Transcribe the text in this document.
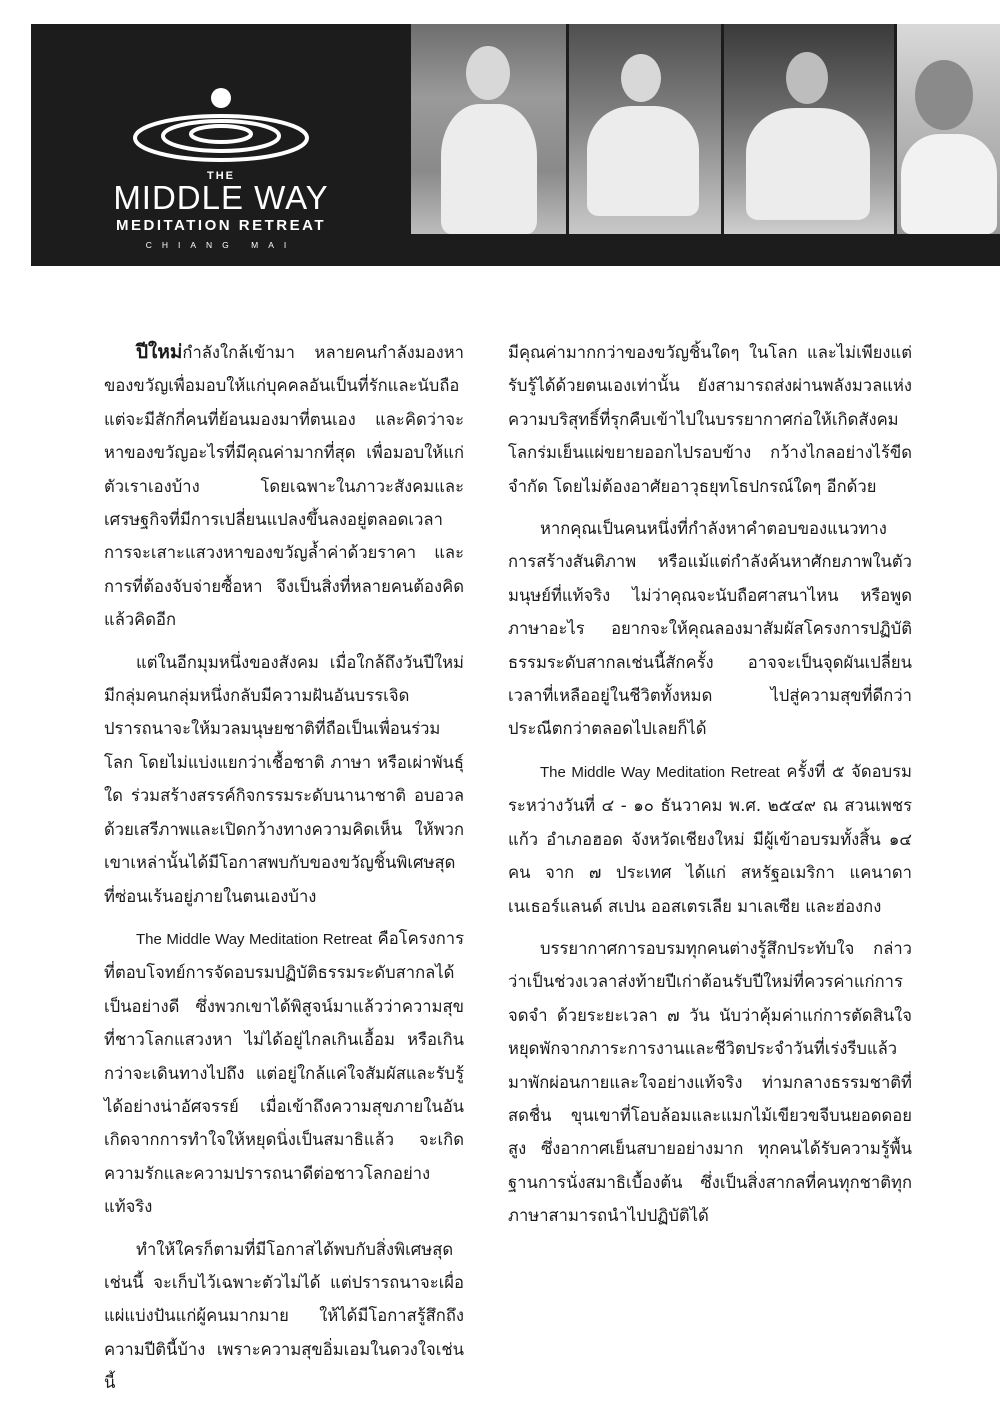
THE
MIDDLE WAY
MEDITATION RETREAT
CHIANG MAI

ปีใหม่กำลังใกล้เข้ามา หลายคนกำลังมองหาของขวัญเพื่อมอบให้แก่บุคคลอันเป็นที่รักและนับถือ แต่จะมีสักกี่คนที่ย้อนมองมาที่ตนเอง และคิดว่าจะหาของขวัญอะไรที่มีคุณค่ามากที่สุด เพื่อมอบให้แก่ตัวเราเองบ้าง โดยเฉพาะในภาวะสังคมและเศรษฐกิจที่มีการเปลี่ยนแปลงขึ้นลงอยู่ตลอดเวลา การจะเสาะแสวงหาของขวัญล้ำค่าด้วยราคา และการที่ต้องจับจ่ายซื้อหา จึงเป็นสิ่งที่หลายคนต้องคิดแล้วคิดอีก

แต่ในอีกมุมหนึ่งของสังคม เมื่อใกล้ถึงวันปีใหม่ มีกลุ่มคนกลุ่มหนึ่งกลับมีความฝันอันบรรเจิด ปรารถนาจะให้มวลมนุษยชาติที่ถือเป็นเพื่อนร่วมโลก โดยไม่แบ่งแยกว่าเชื้อชาติ ภาษา หรือเผ่าพันธุ์ใด ร่วมสร้างสรรค์กิจกรรมระดับนานาชาติ อบอวลด้วยเสรีภาพและเปิดกว้างทางความคิดเห็น ให้พวกเขาเหล่านั้นได้มีโอกาสพบกับของขวัญชิ้นพิเศษสุดที่ซ่อนเร้นอยู่ภายในตนเองบ้าง

The Middle Way Meditation Retreat คือโครงการที่ตอบโจทย์การจัดอบรมปฏิบัติธรรมระดับสากลได้เป็นอย่างดี ซึ่งพวกเขาได้พิสูจน์มาแล้วว่าความสุขที่ชาวโลกแสวงหา ไม่ได้อยู่ไกลเกินเอื้อม หรือเกินกว่าจะเดินทางไปถึง แต่อยู่ใกล้แค่ใจสัมผัสและรับรู้ได้อย่างน่าอัศจรรย์ เมื่อเข้าถึงความสุขภายในอันเกิดจากการทำใจให้หยุดนิ่งเป็นสมาธิแล้ว จะเกิดความรักและความปรารถนาดีต่อชาวโลกอย่างแท้จริง

ทำให้ใครก็ตามที่มีโอกาสได้พบกับสิ่งพิเศษสุดเช่นนี้ จะเก็บไว้เฉพาะตัวไม่ได้ แต่ปรารถนาจะเผื่อแผ่แบ่งปันแก่ผู้คนมากมาย ให้ได้มีโอกาสรู้สึกถึงความปีตินี้บ้าง เพราะความสุขอิ่มเอมในดวงใจเช่นนี้

มีคุณค่ามากกว่าของขวัญชิ้นใดๆ ในโลก และไม่เพียงแต่รับรู้ได้ด้วยตนเองเท่านั้น ยังสามารถส่งผ่านพลังมวลแห่งความบริสุทธิ์ที่รุกคืบเข้าไปในบรรยากาศก่อให้เกิดสังคมโลกร่มเย็นแผ่ขยายออกไปรอบข้าง กว้างไกลอย่างไร้ขีดจำกัด โดยไม่ต้องอาศัยอาวุธยุทโธปกรณ์ใดๆ อีกด้วย

หากคุณเป็นคนหนึ่งที่กำลังหาคำตอบของแนวทางการสร้างสันติภาพ หรือแม้แต่กำลังค้นหาศักยภาพในตัวมนุษย์ที่แท้จริง ไม่ว่าคุณจะนับถือศาสนาไหน หรือพูดภาษาอะไร อยากจะให้คุณลองมาสัมผัสโครงการปฏิบัติธรรมระดับสากลเช่นนี้สักครั้ง อาจจะเป็นจุดผันเปลี่ยนเวลาที่เหลืออยู่ในชีวิตทั้งหมด ไปสู่ความสุขที่ดีกว่า ประณีตกว่าตลอดไปเลยก็ได้

The Middle Way Meditation Retreat ครั้งที่ ๕ จัดอบรมระหว่างวันที่ ๔ - ๑๐ ธันวาคม พ.ศ. ๒๕๔๙ ณ สวนเพชรแก้ว อำเภอฮอด จังหวัดเชียงใหม่ มีผู้เข้าอบรมทั้งสิ้น ๑๔ คน จาก ๗ ประเทศ ได้แก่ สหรัฐอเมริกา แคนาดา เนเธอร์แลนด์ สเปน ออสเตรเลีย มาเลเซีย และฮ่องกง

บรรยากาศการอบรมทุกคนต่างรู้สึกประทับใจ กล่าวว่าเป็นช่วงเวลาส่งท้ายปีเก่าต้อนรับปีใหม่ที่ควรค่าแก่การจดจำ ด้วยระยะเวลา ๗ วัน นับว่าคุ้มค่าแก่การตัดสินใจหยุดพักจากภาระการงานและชีวิตประจำวันที่เร่งรีบแล้วมาพักผ่อนกายและใจอย่างแท้จริง ท่ามกลางธรรมชาติที่สดชื่น ขุนเขาที่โอบล้อมและแมกไม้เขียวขจีบนยอดดอยสูง ซึ่งอากาศเย็นสบายอย่างมาก ทุกคนได้รับความรู้พื้นฐานการนั่งสมาธิเบื้องต้น ซึ่งเป็นสิ่งสากลที่คนทุกชาติทุกภาษาสามารถนำไปปฏิบัติได้
